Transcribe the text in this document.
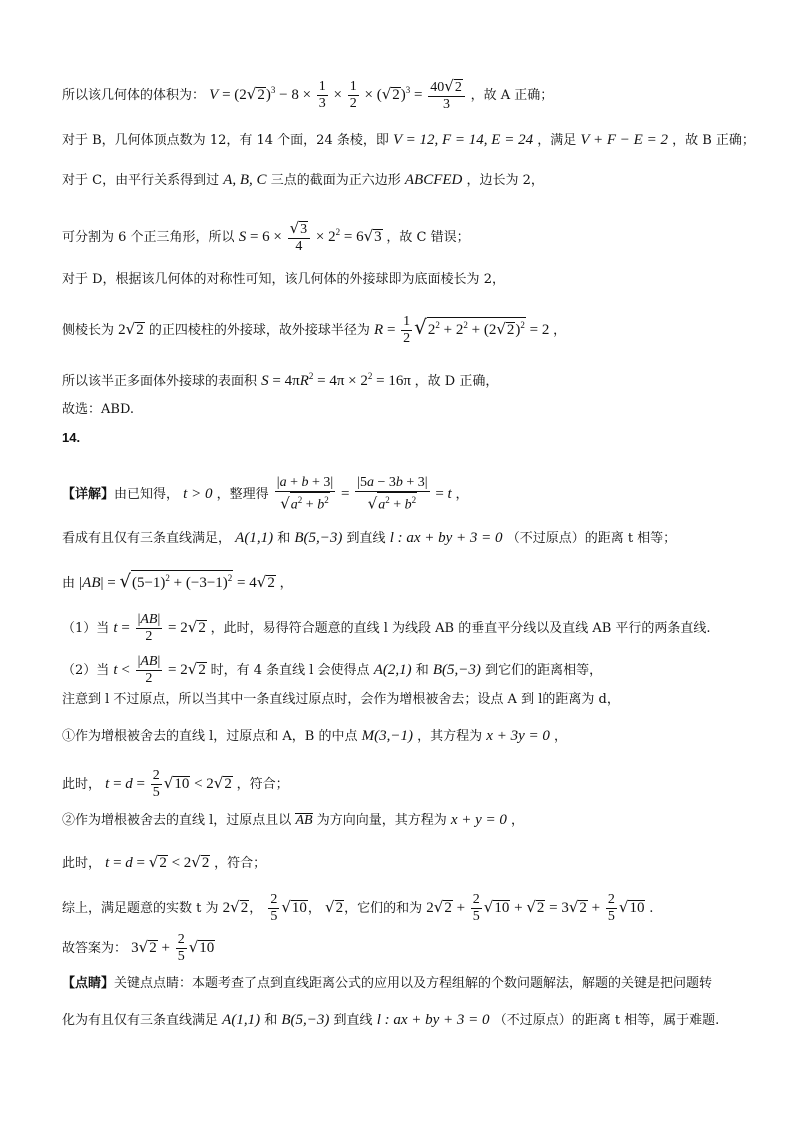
所以该几何体的体积为： $V = (2√2)^3 - 8 \times \frac{1}{3} \times \frac{1}{2} \times (√2)^3 = \frac{40√2}{3}$ ，故 A 正确；
对于 B，几何体顶点数为 12，有 14 个面，24 条棱，即 V = 12, F = 14, E = 24 ，满足 V + F − E = 2 ，故 B 正确；
对于 C，由平行关系得到过 A, B, C 三点的截面为正六边形 ABCFED ，边长为 2，
可分割为 6 个正三角形，所以 $S = 6 \times \frac{√3}{4} \times 2^2 = 6√3$ ，故 C 错误；
对于 D，根据该几何体的对称性可知，该几何体的外接球即为底面棱长为 2，
侧棱长为 2√2 的正四棱柱的外接球，故外接球半径为 $R = \frac{1}{2} √2^2 + 2^2 + (2√2)^2 = 2$ ，
所以该半正多面体外接球的表面积 $S = 4\pi R^2 = 4\pi \times 2^2 = 16\pi$ ，故 D 正确，
故选：ABD.
14.
【详解】由已知得， t > 0 ，整理得 $\frac{|a + b + 3|}{√a^2 + b^2} = \frac{|5a - 3b + 3|}{√a^2 + b^2} = t$ ，
看成有且仅有三条直线满足， A(1,1) 和 B(5,−3) 到直线 l : ax + by + 3 = 0 （不过原点）的距离 t 相等；
由 $|AB| = √(5-1)^2 + (-3-1)^2 = 4√2$ ，
（1）当 $t = \frac{|AB|}{2} = 2√2$ ，此时，易得符合题意的直线 l 为线段 AB 的垂直平分线以及直线 AB 平行的两条直线.
（2）当 $t < \frac{|AB|}{2} = 2√2$ 时，有 4 条直线 l 会使得点 A(2,1) 和 B(5,−3) 到它们的距离相等，
注意到 l 不过原点，所以当其中一条直线过原点时，会作为增根被舍去；设点 A 到 l的距离为 d，
①作为增根被舍去的直线 l，过原点和 A，B 的中点 M(3,−1) ，其方程为 x + 3y = 0 ，
此时， $t = d = \frac{2}{5} √10 < 2√2$ ，符合；
②作为增根被舍去的直线 l，过原点且以 AB 为方向向量，其方程为 x + y = 0 ，
此时， t = d = √2 < 2√2 ，符合；
综上，满足题意的实数 t 为 2√2， $\frac{2}{5} √10$， √2，它们的和为 $2√2 + \frac{2}{5} √10 + √2 = 3√2 + \frac{2}{5} √10$ .
故答案为： $3√2 + \frac{2}{5} √10$
【点睛】关键点点睛：本题考查了点到直线距离公式的应用以及方程组解的个数问题解法，解题的关键是把问题转
化为有且仅有三条直线满足 A(1,1) 和 B(5,−3) 到直线 l : ax + by + 3 = 0 （不过原点）的距离 t 相等，属于难题.
